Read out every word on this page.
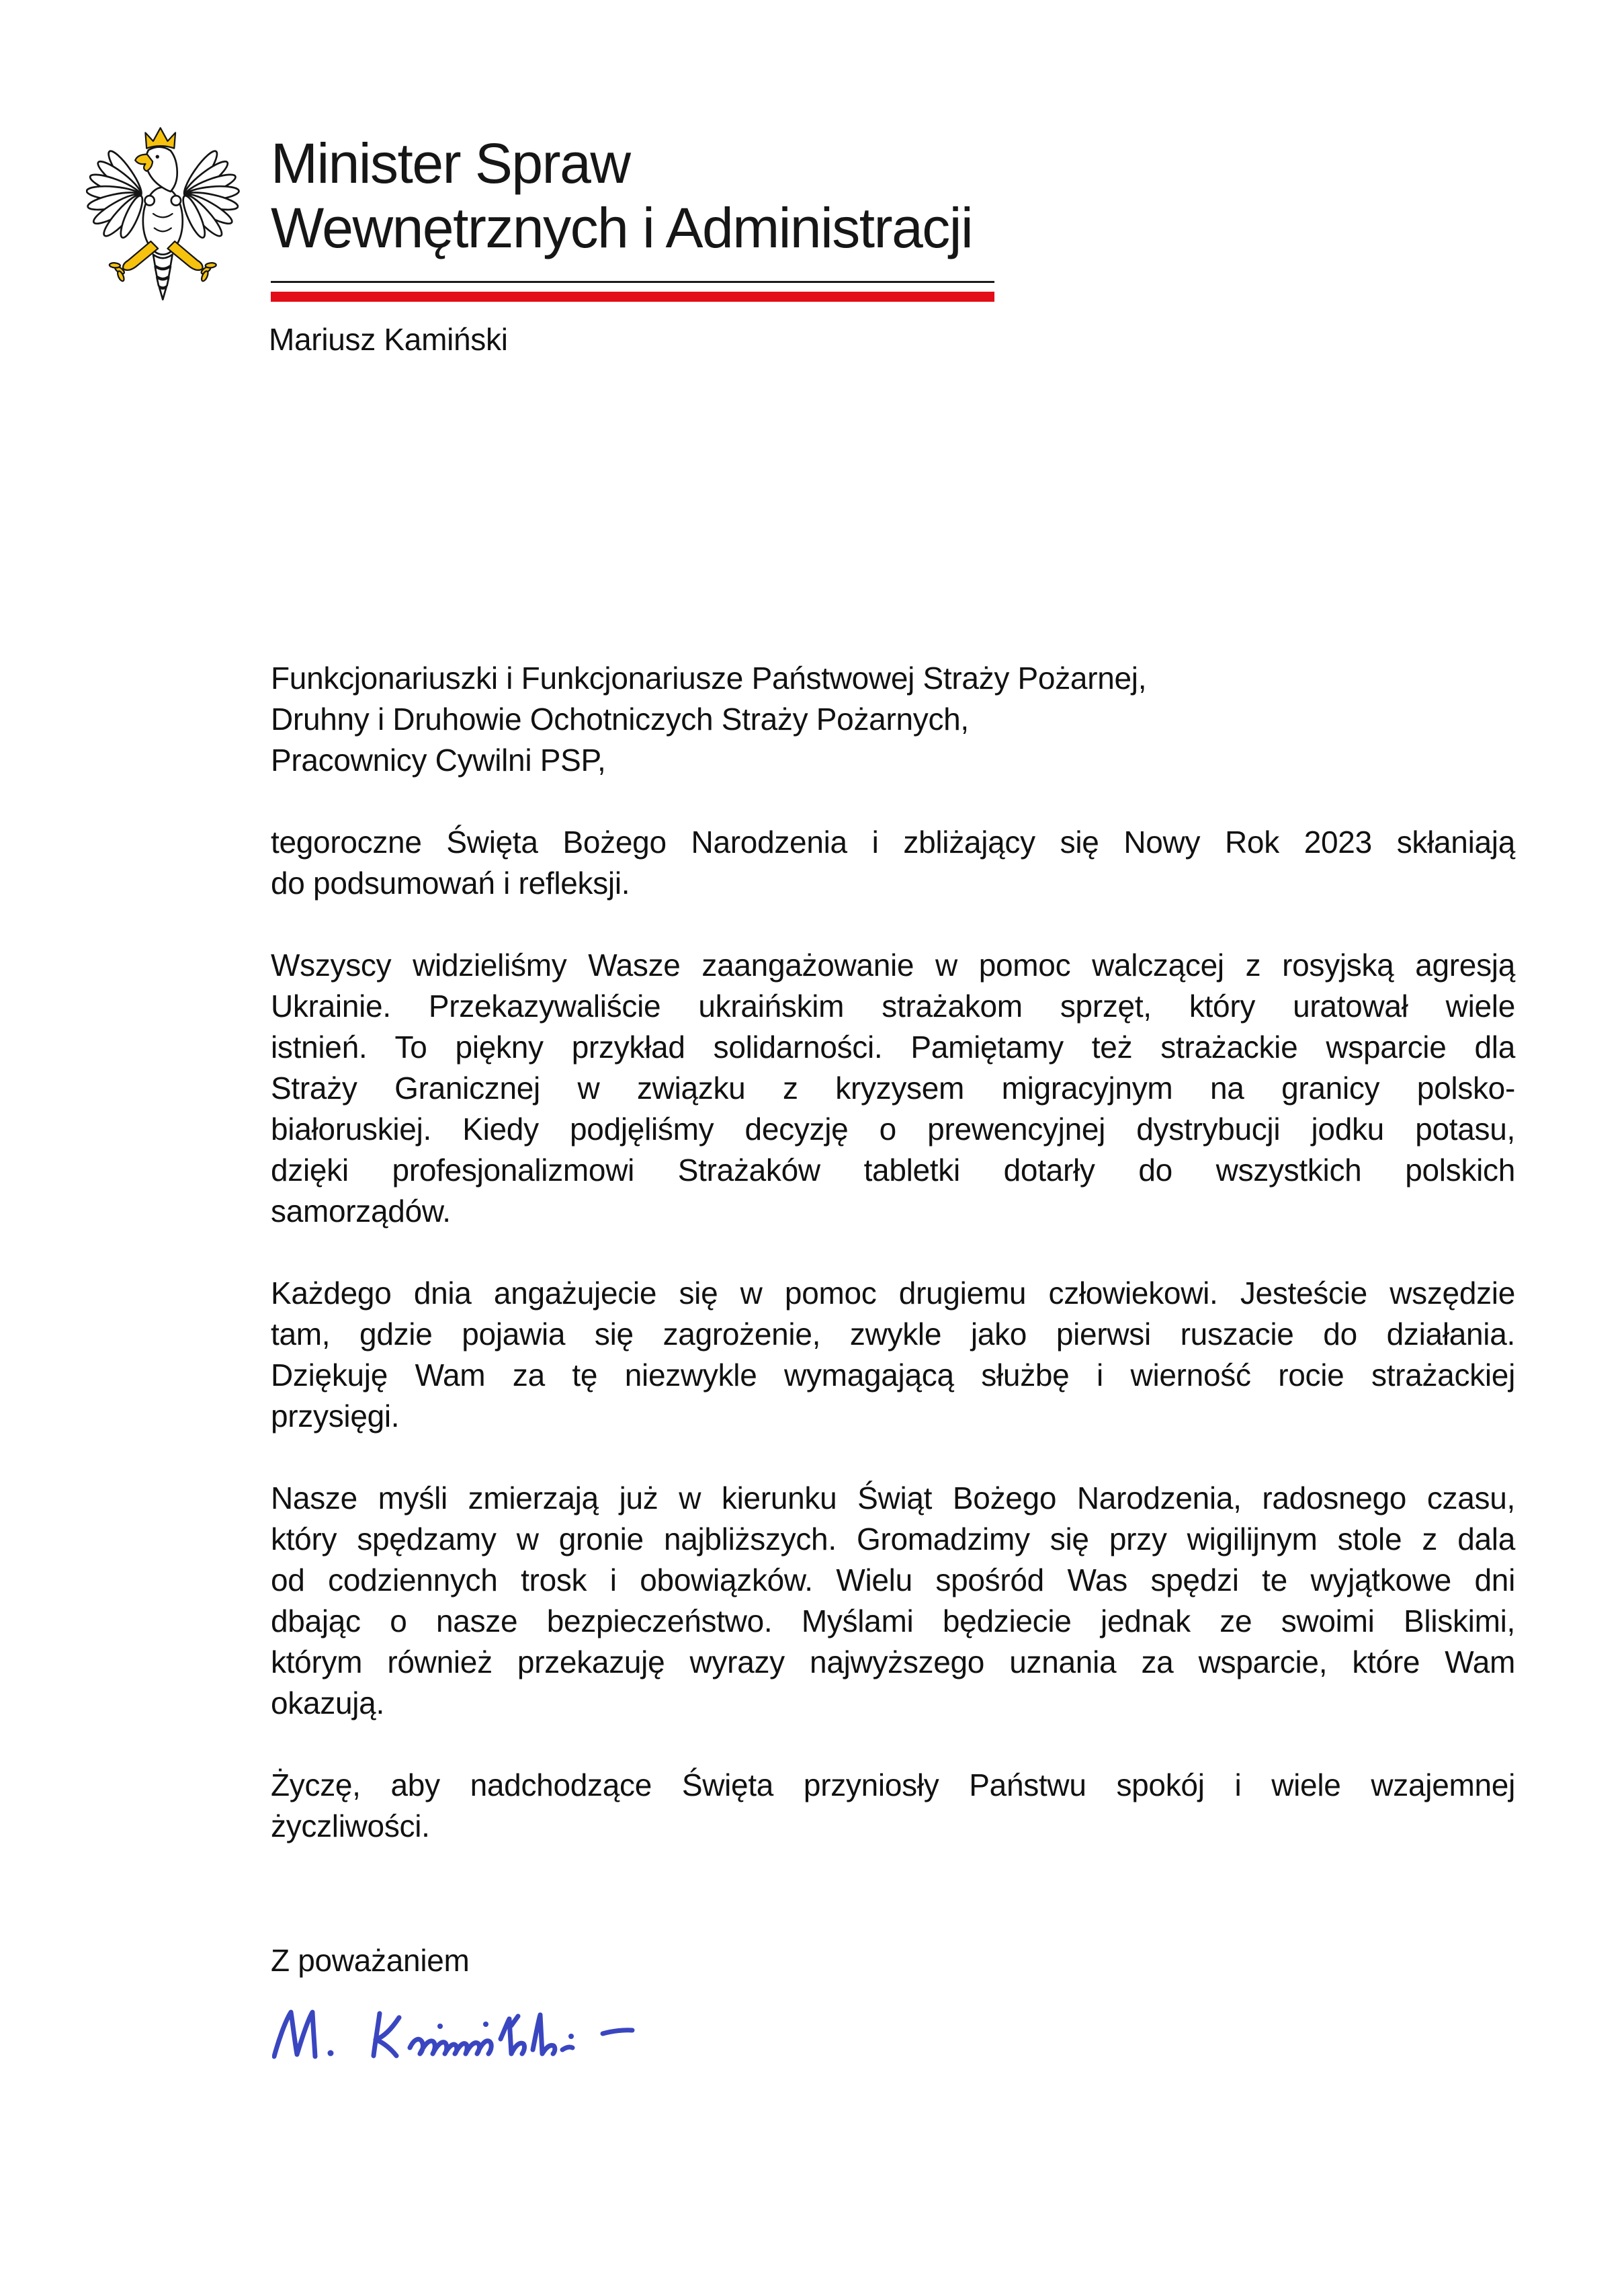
Minister Spraw
Wewnętrznych i Administracji
Mariusz Kamiński
Funkcjonariuszki i Funkcjonariusze Państwowej Straży Pożarnej,
Druhny i Druhowie Ochotniczych Straży Pożarnych,
Pracownicy Cywilni PSP,
tegoroczne Święta Bożego Narodzenia i zbliżający się Nowy Rok 2023 skłaniają
do podsumowań i refleksji.
Wszyscy widzieliśmy Wasze zaangażowanie w pomoc walczącej z rosyjską agresją
Ukrainie. Przekazywaliście ukraińskim strażakom sprzęt, który uratował wiele
istnień. To piękny przykład solidarności. Pamiętamy też strażackie wsparcie dla
Straży Granicznej w związku z kryzysem migracyjnym na granicy polsko-
białoruskiej. Kiedy podjęliśmy decyzję o prewencyjnej dystrybucji jodku potasu,
dzięki profesjonalizmowi Strażaków tabletki dotarły do wszystkich polskich
samorządów.
Każdego dnia angażujecie się w pomoc drugiemu człowiekowi. Jesteście wszędzie
tam, gdzie pojawia się zagrożenie, zwykle jako pierwsi ruszacie do działania.
Dziękuję Wam za tę niezwykle wymagającą służbę i wierność rocie strażackiej
przysięgi.
Nasze myśli zmierzają już w kierunku Świąt Bożego Narodzenia, radosnego czasu,
który spędzamy w gronie najbliższych. Gromadzimy się przy wigilijnym stole z dala
od codziennych trosk i obowiązków. Wielu spośród Was spędzi te wyjątkowe dni
dbając o nasze bezpieczeństwo. Myślami będziecie jednak ze swoimi Bliskimi,
którym również przekazuję wyrazy najwyższego uznania za wsparcie, które Wam
okazują.
Życzę, aby nadchodzące Święta przyniosły Państwu spokój i wiele wzajemnej
życzliwości.
Z poważaniem
